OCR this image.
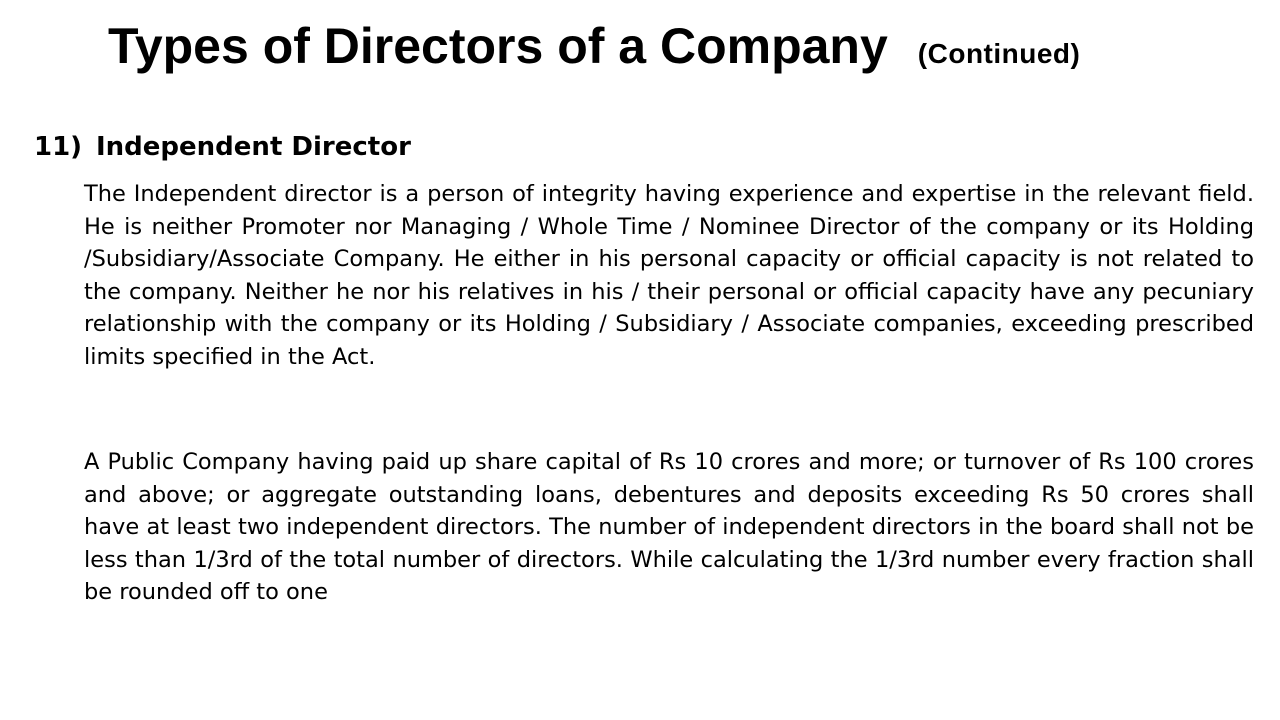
Types of Directors of a Company (Continued)
11) Independent Director

The Independent director is a person of integrity having experience and expertise in the relevant field. He is neither Promoter nor Managing / Whole Time / Nominee Director of the company or its Holding /Subsidiary/Associate Company. He either in his personal capacity or official capacity is not related to the company. Neither he nor his relatives in his / their personal or official capacity have any pecuniary relationship with the company or its Holding / Subsidiary / Associate companies, exceeding prescribed limits specified in the Act.

A Public Company having paid up share capital of Rs 10 crores and more; or turnover of Rs 100 crores and above; or aggregate outstanding loans, debentures and deposits exceeding Rs 50 crores shall have at least two independent directors. The number of independent directors in the board shall not be less than 1/3rd of the total number of directors. While calculating the 1/3rd number every fraction shall be rounded off to one
